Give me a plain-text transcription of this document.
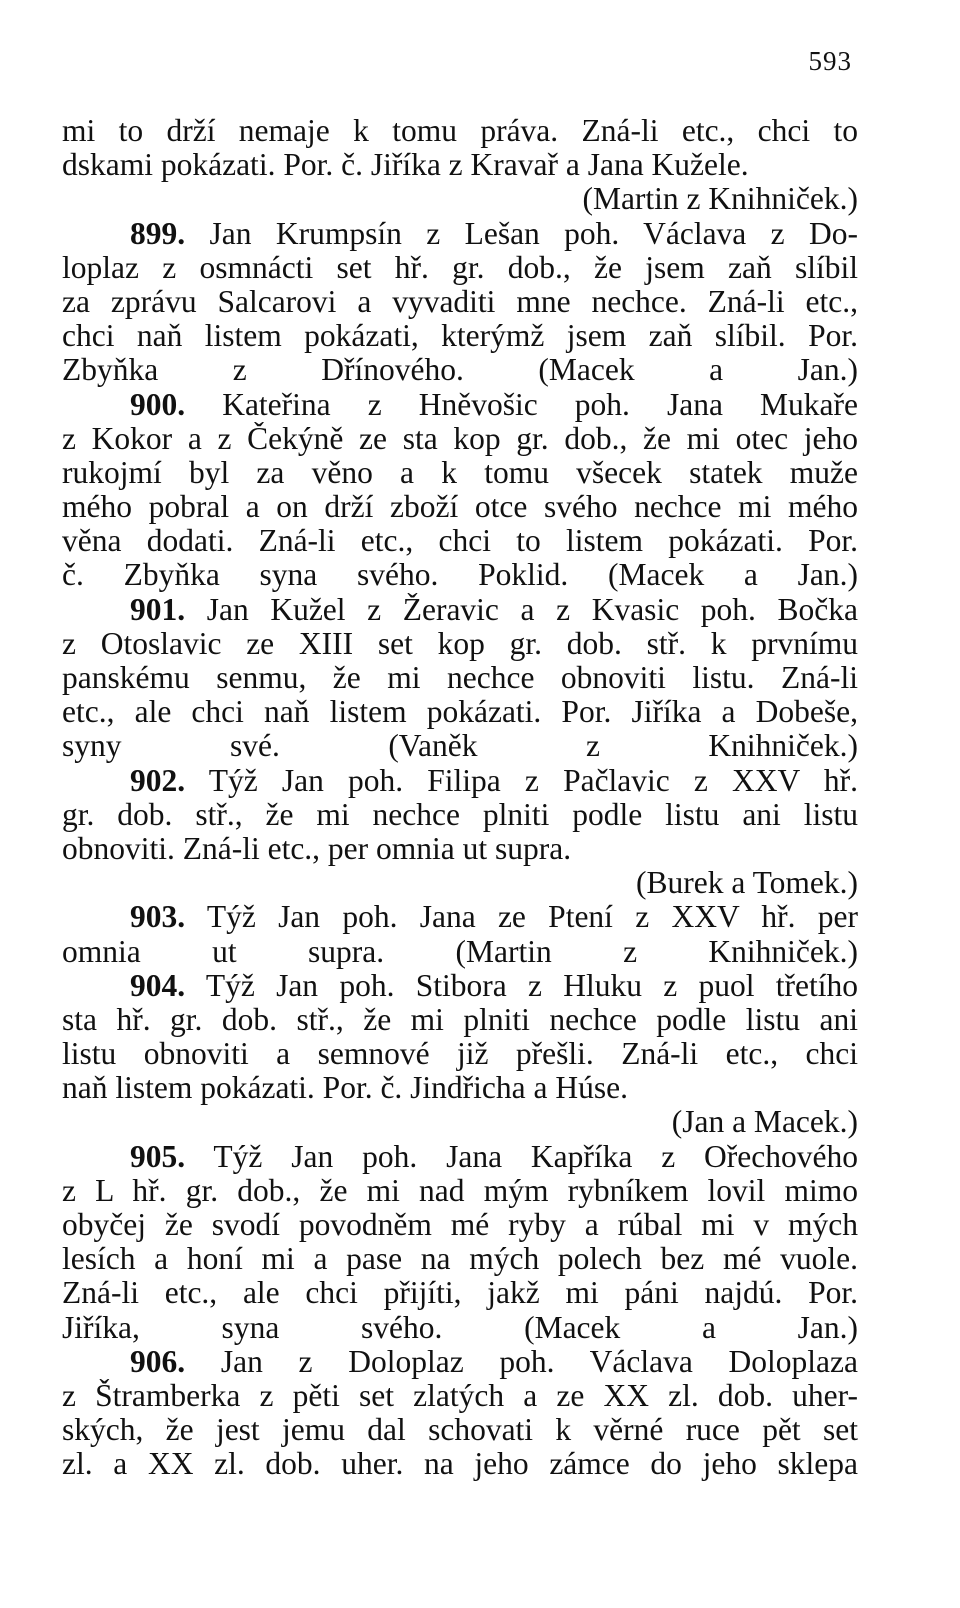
593
mi to drží nemaje k tomu práva. Zná-li etc., chci to
dskami pokázati. Por. č. Jiříka z Kravař a Jana Kužele.
(Martin z Knihniček.)
899. Jan Krumpsín z Lešan poh. Václava z Do-
loplaz z osmnácti set hř. gr. dob., že jsem zaň slíbil
za zprávu Salcarovi a vyvaditi mne nechce. Zná-li etc.,
chci naň listem pokázati, kterýmž jsem zaň slíbil. Por.
Zbyňka z Dřínového. (Macek a Jan.)
900. Kateřina z Hněvošic poh. Jana Mukaře
z Kokor a z Čekýně ze sta kop gr. dob., že mi otec jeho
rukojmí byl za věno a k tomu všecek statek muže
mého pobral a on drží zboží otce svého nechce mi mého
věna dodati. Zná-li etc., chci to listem pokázati. Por.
č. Zbyňka syna svého. Poklid. (Macek a Jan.)
901. Jan Kužel z Žeravic a z Kvasic poh. Bočka
z Otoslavic ze XIII set kop gr. dob. stř. k prvnímu
panskému senmu, že mi nechce obnoviti listu. Zná-li
etc., ale chci naň listem pokázati. Por. Jiříka a Dobeše,
syny své.	(Vaněk z Knihniček.)
902. Týž Jan poh. Filipa z Pačlavic z XXV hř.
gr. dob. stř., že mi nechce plniti podle listu ani listu
obnoviti. Zná-li etc., per omnia ut supra.
(Burek a Tomek.)
903. Týž Jan poh. Jana ze Ptení z XXV hř. per
omnia ut supra. (Martin z Knihniček.)
904. Týž Jan poh. Stibora z Hluku z puol třetího
sta hř. gr. dob. stř., že mi plniti nechce podle listu ani
listu obnoviti a semnové již přešli. Zná-li etc., chci
naň listem pokázati. Por. č. Jindřicha a Húse.
(Jan a Macek.)
905. Týž Jan poh. Jana Kapříka z Ořechového
z L hř. gr. dob., že mi nad mým rybníkem lovil mimo
obyčej že svodí povodněm mé ryby a rúbal mi v mých
lesích a honí mi a pase na mých polech bez mé vuole.
Zná-li etc., ale chci přijíti, jakž mi páni najdú. Por.
Jiříka, syna svého.	(Macek a Jan.)
906. Jan z Doloplaz poh. Václava Doloplaza
z Štramberka z pěti set zlatých a ze XX zl. dob. uher-
ských, že jest jemu dal schovati k věrné ruce pět set
zl. a XX zl. dob. uher. na jeho zámce do jeho sklepa
